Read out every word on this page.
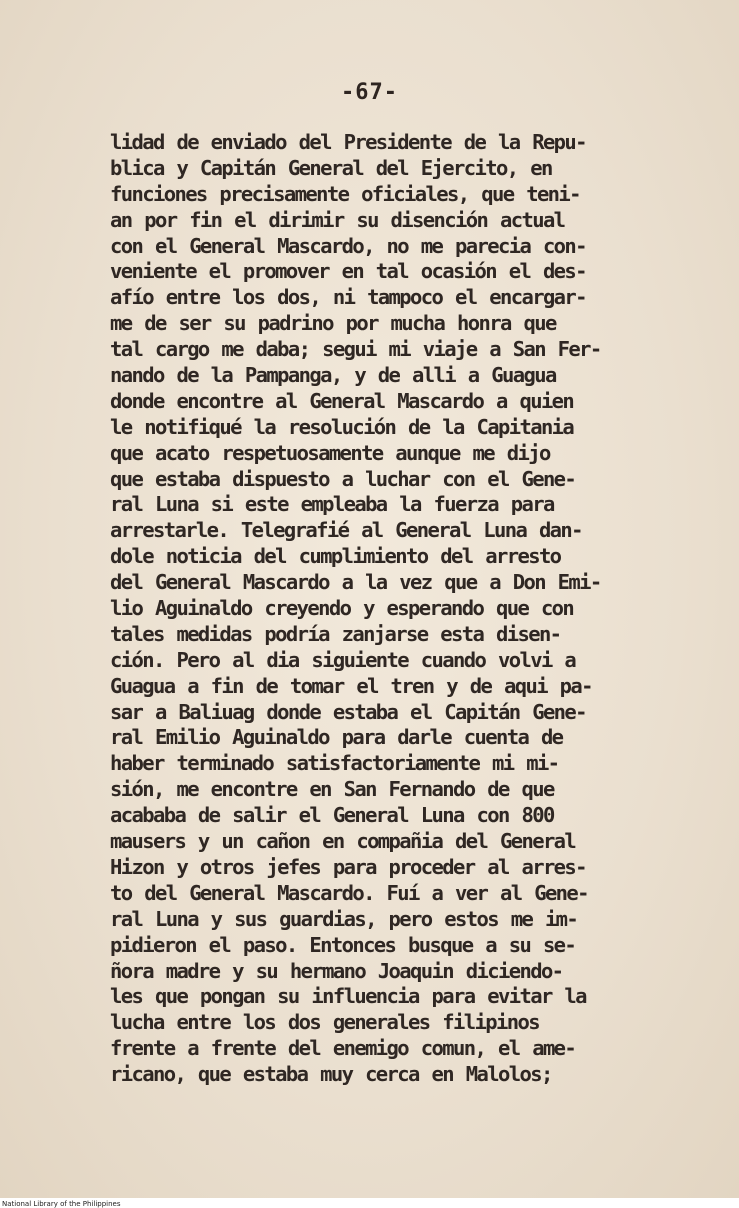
-67-
lidad de enviado del Presidente de la Repu-
blica y Capitán General del Ejercito, en
funciones precisamente oficiales, que teni-
an por fin el dirimir su disención actual
con el General Mascardo, no me parecia con-
veniente el promover en tal ocasión el des-
afío entre los dos, ni tampoco el encargar-
me de ser su padrino por mucha honra que
tal cargo me daba; segui mi viaje a San Fer-
nando de la Pampanga, y de alli a Guagua
donde encontre al General Mascardo a quien
le notifiqué la resolución de la Capitania
que acato respetuosamente aunque me dijo
que estaba dispuesto a luchar con el Gene-
ral Luna si este empleaba la fuerza para
arrestarle. Telegrafié al General Luna dan-
dole noticia del cumplimiento del arresto
del General Mascardo a la vez que a Don Emi-
lio Aguinaldo creyendo y esperando que con
tales medidas podría zanjarse esta disen-
ción. Pero al dia siguiente cuando volvi a
Guagua a fin de tomar el tren y de aqui pa-
sar a Baliuag donde estaba el Capitán Gene-
ral Emilio Aguinaldo para darle cuenta de
haber terminado satisfactoriamente mi mi-
sión, me encontre en San Fernando de que
acababa de salir el General Luna con 800
mausers y un cañon en compañia del General
Hizon y otros jefes para proceder al arres-
to del General Mascardo. Fuí a ver al Gene-
ral Luna y sus guardias, pero estos me im-
pidieron el paso. Entonces busque a su se-
ñora madre y su hermano Joaquin diciendo-
les que pongan su influencia para evitar la
lucha entre los dos generales filipinos
frente a frente del enemigo comun, el ame-
ricano, que estaba muy cerca en Malolos;
National Library of the Philippines
